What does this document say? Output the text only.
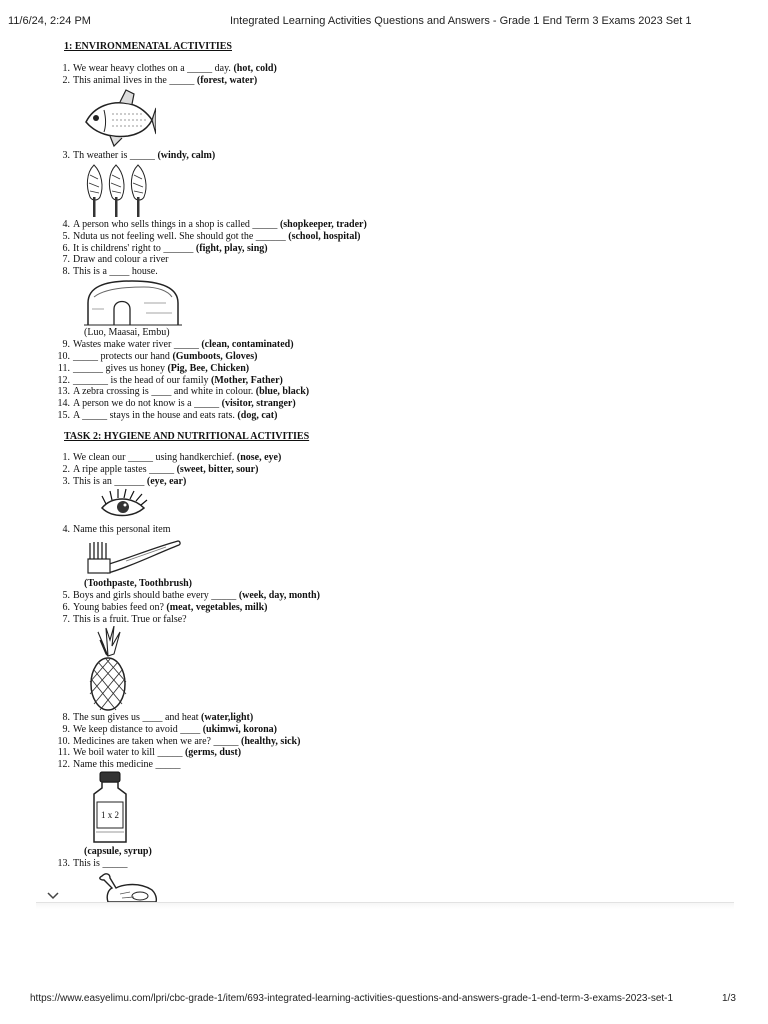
11/6/24, 2:24 PM	Integrated Learning Activities Questions and Answers - Grade 1 End Term 3 Exams 2023 Set 1
1: ENVIRONMENATAL ACTIVITIES
1. We wear heavy clothes on a _____ day. (hot, cold)
2. This animal lives in the _____ (forest, water)
3. Th weather is _____ (windy, calm)
4. A person who sells things in a shop is called _____ (shopkeeper, trader)
5. Nduta us not feeling well. She should got the ______ (school, hospital)
6. It is childrens' right to ______ (fight, play, sing)
7. Draw and colour a river
8. This is a ____ house.
(Luo, Maasai, Embu)
9. Wastes make water river _____ (clean, contaminated)
10. _____ protects our hand (Gumboots, Gloves)
11. ______ gives us honey (Pig, Bee, Chicken)
12. _______ is the head of our family (Mother, Father)
13. A zebra crossing is ____ and white in colour. (blue, black)
14. A person we do not know is a _____ (visitor, stranger)
15. A _____ stays in the house and eats rats. (dog, cat)
TASK 2: HYGIENE AND NUTRITIONAL ACTIVITIES
1. We clean our _____ using handkerchief. (nose, eye)
2. A ripe apple tastes _____ (sweet, bitter, sour)
3. This is an ______ (eye, ear)
4. Name this personal item
(Toothpaste, Toothbrush)
5. Boys and girls should bathe every _____ (week, day, month)
6. Young babies feed on? (meat, vegetables, milk)
7. This is a fruit. True or false?
8. The sun gives us ____ and heat (water,light)
9. We keep distance to avoid ____ (ukimwi, korona)
10. Medicines are taken when we are? _____ (healthy, sick)
11. We boil water to kill _____ (germs, dust)
12. Name this medicine _____
1 x 2
(capsule, syrup)
13. This is _____
https://www.easyelimu.com/lpri/cbc-grade-1/item/693-integrated-learning-activities-questions-and-answers-grade-1-end-term-3-exams-2023-set-1	1/3
